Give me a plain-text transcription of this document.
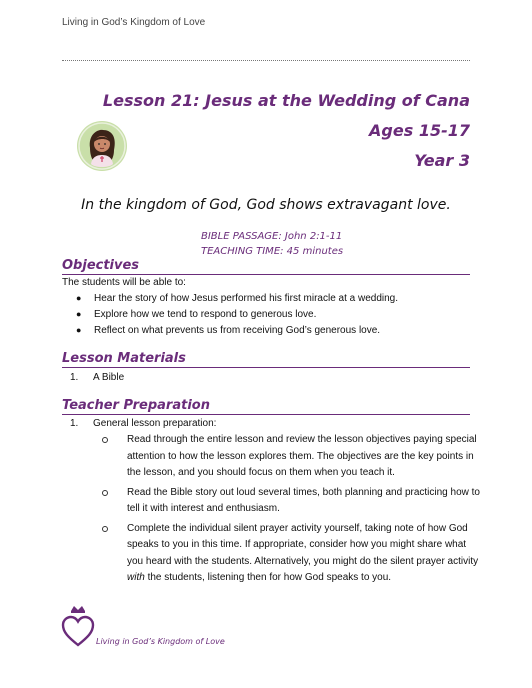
Living in God’s Kingdom of Love
Lesson 21: Jesus at the Wedding of Cana
Ages 15-17
Year 3
In the kingdom of God, God shows extravagant love.
BIBLE PASSAGE: John 2:1-11
TEACHING TIME: 45 minutes
Objectives
The students will be able to:
● Hear the story of how Jesus performed his first miracle at a wedding.
● Explore how we tend to respond to generous love.
● Reflect on what prevents us from receiving God’s generous love.
Lesson Materials
1. A Bible
Teacher Preparation
1. General lesson preparation:
Read through the entire lesson and review the lesson objectives paying special attention to how the lesson explores them. The objectives are the key points in the lesson, and you should focus on them when you teach it.
Read the Bible story out loud several times, both planning and practicing how to tell it with interest and enthusiasm.
Complete the individual silent prayer activity yourself, taking note of how God speaks to you in this time. If appropriate, consider how you might share what you heard with the students. Alternatively, you might do the silent prayer activity with the students, listening then for how God speaks to you.
Living in God’s Kingdom of Love
